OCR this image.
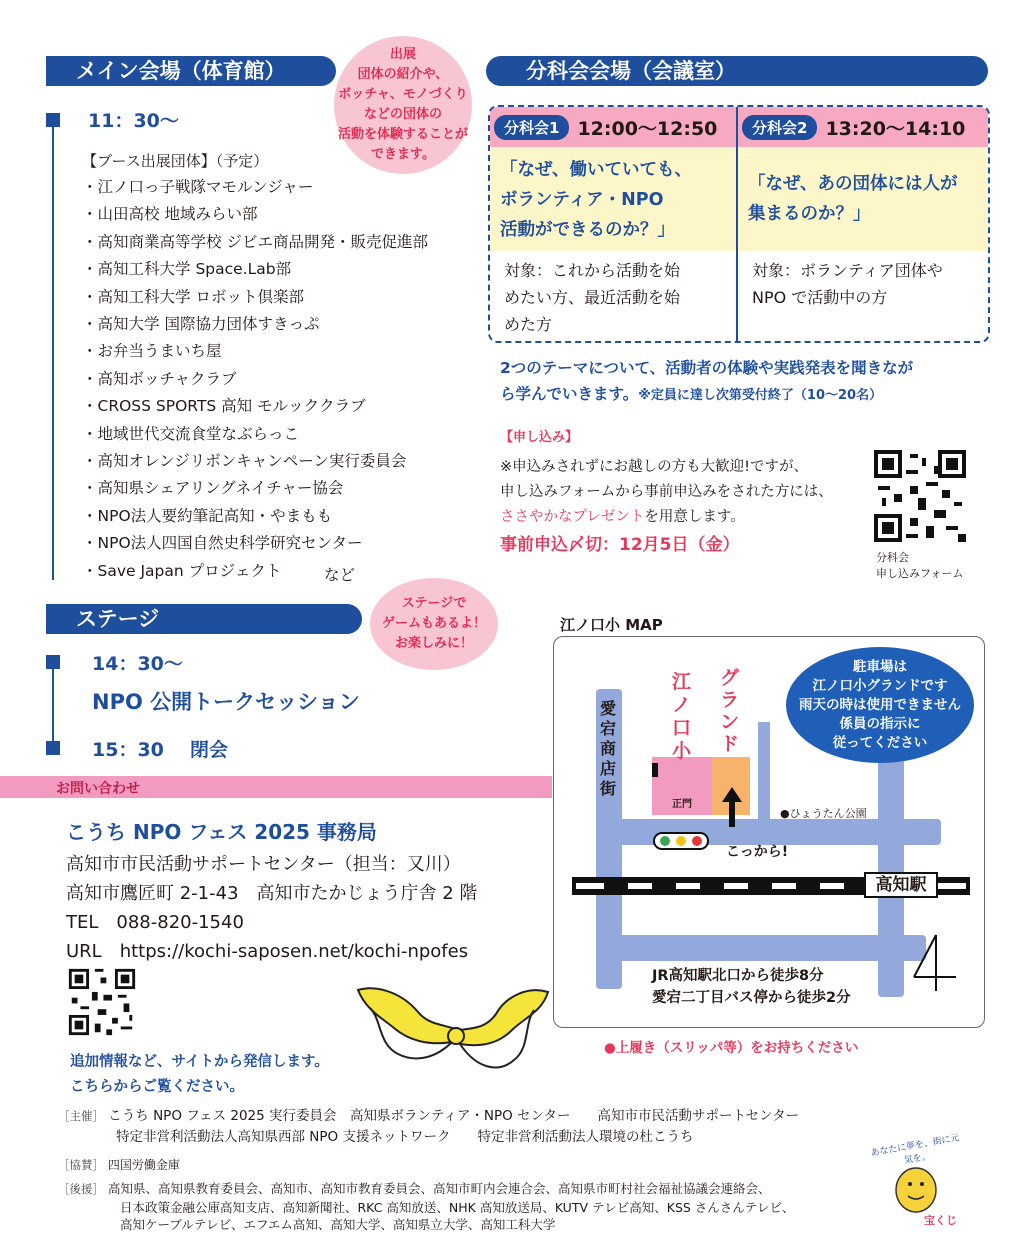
メイン会場（体育館）
出展
団体の紹介や、
ボッチャ、モノづくり
などの団体の
活動を体験することが
できます。
11：30～
【ブース出展団体】（予定）
・ 江ノ口っ子戦隊マモルンジャー
・ 山田高校 地域みらい部
・ 高知商業高等学校 ジビエ商品開発・販売促進部
・ 高知工科大学 Space.Lab部
・ 高知工科大学 ロボット倶楽部
・ 高知大学 国際協力団体すきっぷ
・ お弁当うまいち屋
・ 高知ボッチャクラブ
・ CROSS SPORTS 高知 モルッククラブ
・ 地域世代交流食堂なぶらっこ
・ 高知オレンジリボンキャンペーン実行委員会
・ 高知県シェアリングネイチャー協会
・ NPO法人要約筆記高知・やまもも
・ NPO法人四国自然史科学研究センター
・ Save Japan プロジェクト	など
ステージ
ステージで
ゲームもあるよ！
お楽しみに！
14：30～
NPO 公開トークセッション
15：30 閉会
分科会会場（会議室）
分科会1 12:00～12:50
「なぜ、働いていても、
ボランティア・NPO
活動ができるのか？」
対象：これから活動を始
めたい方、最近活動を始
めた方
分科会2 13:20～14:10
「なぜ、あの団体には人が
集まるのか？」
対象：ボランティア団体や
NPO で活動中の方
2つのテーマについて、活動者の体験や実践発表を聞きなが
ら学んでいきます。※定員に達し次第受付終了（10～20名）
【申し込み】
※申込みされずにお越しの方も大歓迎!ですが、
申し込みフォームから事前申込みをされた方には、
ささやかなプレゼントを用意します。
事前申込〆切：12月5日（金）
分科会
申し込みフォーム
江ノ口小 MAP
愛宕商店街
江ノ口小
グランド
正門
●ひょうたん公園
こっから!
高知駅
駐車場は
江ノ口小グランドです
雨天の時は使用できません
係員の指示に
従ってください
JR高知駅北口から徒歩8分
愛宕二丁目バス停から徒歩2分
●上履き（スリッパ等）をお持ちください
お問い合わせ
こうち NPO フェス 2025 事務局
高知市市民活動サポートセンター（担当：又川）
高知市鷹匠町 2-1-43　高知市たかじょう庁舎 2 階
TEL　088-820-1540
URL　https://kochi-saposen.net/kochi-npofes
追加情報など、サイトから発信します。
こちらからご覧ください。
［主催］ こうち NPO フェス 2025 実行委員会　高知県ボランティア・NPO センター　　高知市市民活動サポートセンター
特定非営利活動法人高知県西部 NPO 支援ネットワーク　　特定非営利活動法人環境の杜こうち
［協賛］ 四国労働金庫
［後援］ 高知県、高知県教育委員会、高知市、高知市教育委員会、高知市町内会連合会、高知県市町村社会福祉協議会連絡会、
日本政策金融公庫高知支店、高知新聞社、RKC 高知放送、NHK 高知放送局、KUTV テレビ高知、KSS さんさんテレビ、
高知ケーブルテレビ、エフエム高知、高知大学、高知県立大学、高知工科大学
あなたに夢を、街に元気を。
宝くじ
